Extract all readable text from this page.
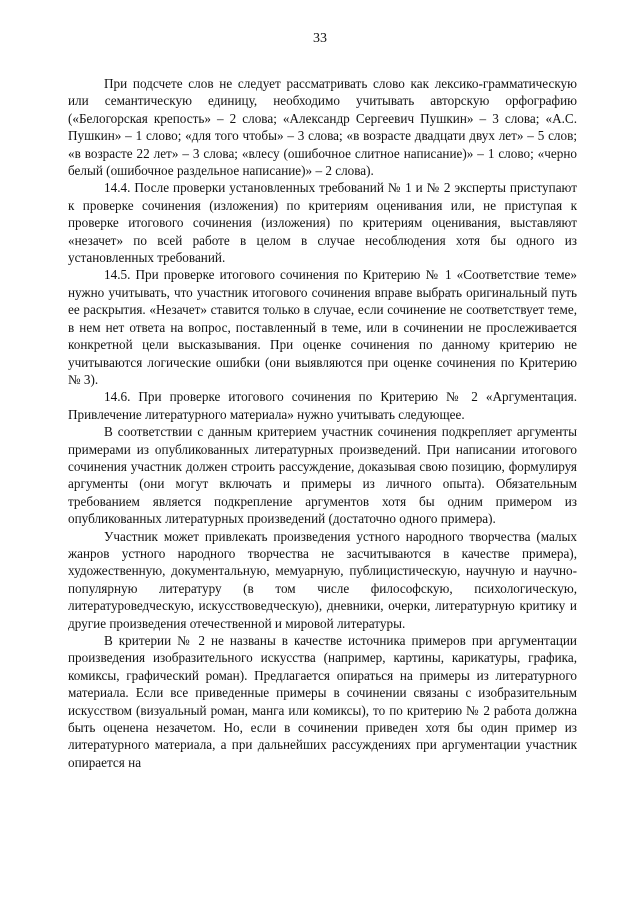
33

При подсчете слов не следует рассматривать слово как лексико-грамматическую или семантическую единицу, необходимо учитывать авторскую орфографию («Белогорская крепость» – 2 слова; «Александр Сергеевич Пушкин» – 3 слова; «А.С. Пушкин» – 1 слово; «для того чтобы» – 3 слова; «в возрасте двадцати двух лет» – 5 слов; «в возрасте 22 лет» – 3 слова; «влесу (ошибочное слитное написание)» – 1 слово; «черно белый (ошибочное раздельное написание)» – 2 слова).

14.4. После проверки установленных требований № 1 и № 2 эксперты приступают к проверке сочинения (изложения) по критериям оценивания или, не приступая к проверке итогового сочинения (изложения) по критериям оценивания, выставляют «незачет» по всей работе в целом в случае несоблюдения хотя бы одного из установленных требований.

14.5. При проверке итогового сочинения по Критерию № 1 «Соответствие теме» нужно учитывать, что участник итогового сочинения вправе выбрать оригинальный путь ее раскрытия. «Незачет» ставится только в случае, если сочинение не соответствует теме, в нем нет ответа на вопрос, поставленный в теме, или в сочинении не прослеживается конкретной цели высказывания. При оценке сочинения по данному критерию не учитываются логические ошибки (они выявляются при оценке сочинения по Критерию № 3).

14.6. При проверке итогового сочинения по Критерию № 2 «Аргументация. Привлечение литературного материала» нужно учитывать следующее.

В соответствии с данным критерием участник сочинения подкрепляет аргументы примерами из опубликованных литературных произведений. При написании итогового сочинения участник должен строить рассуждение, доказывая свою позицию, формулируя аргументы (они могут включать и примеры из личного опыта). Обязательным требованием является подкрепление аргументов хотя бы одним примером из опубликованных литературных произведений (достаточно одного примера).

Участник может привлекать произведения устного народного творчества (малых жанров устного народного творчества не засчитываются в качестве примера), художественную, документальную, мемуарную, публицистическую, научную и научно-популярную литературу (в том числе философскую, психологическую, литературоведческую, искусствоведческую), дневники, очерки, литературную критику и другие произведения отечественной и мировой литературы.

В критерии № 2 не названы в качестве источника примеров при аргументации произведения изобразительного искусства (например, картины, карикатуры, графика, комиксы, графический роман). Предлагается опираться на примеры из литературного материала. Если все приведенные примеры в сочинении связаны с изобразительным искусством (визуальный роман, манга или комиксы), то по критерию № 2 работа должна быть оценена незачетом. Но, если в сочинении приведен хотя бы один пример из литературного материала, а при дальнейших рассуждениях при аргументации участник опирается на
